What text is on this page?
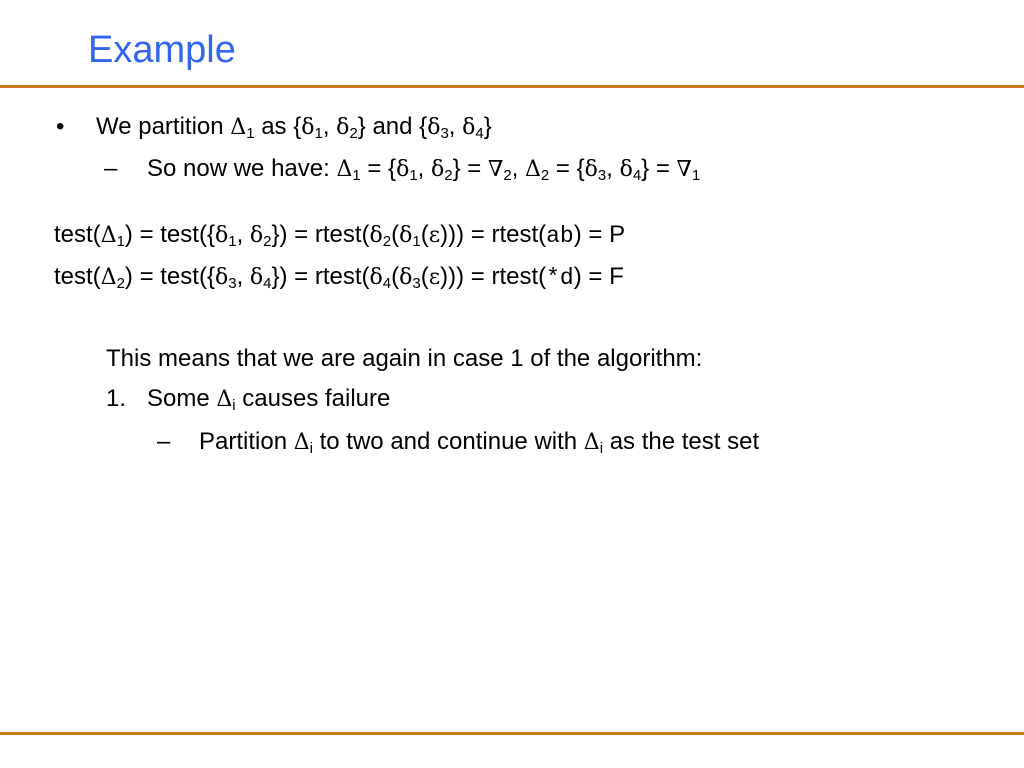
Example
• We partition $\Delta_1$ as {$\delta_1$, $\delta_2$} and {$\delta_3$, $\delta_4$}
– So now we have: $\Delta_1 = \{\delta_1$, $\delta_2\} = \nabla_2$, $\Delta_2 = \{\delta_3$, $\delta_4\} = \nabla_1$
$test(\Delta_1)$ = $test(\{\delta_1$, $\delta_2$}) = $rtest(\delta_2(\delta_1(\varepsilon)))$ = rtest(ab) = P
$test(\Delta_2)$ = $test(\{\delta_3$, $\delta_4$}) = $rtest(\delta_4(\delta_3(\varepsilon)))$ = rtest(*d) = F
This means that we are again in case 1 of the algorithm:
1. Some $\Delta_i$ causes failure
– Partition $\Delta_i$ to two and continue with $\Delta_i$ as the test set
